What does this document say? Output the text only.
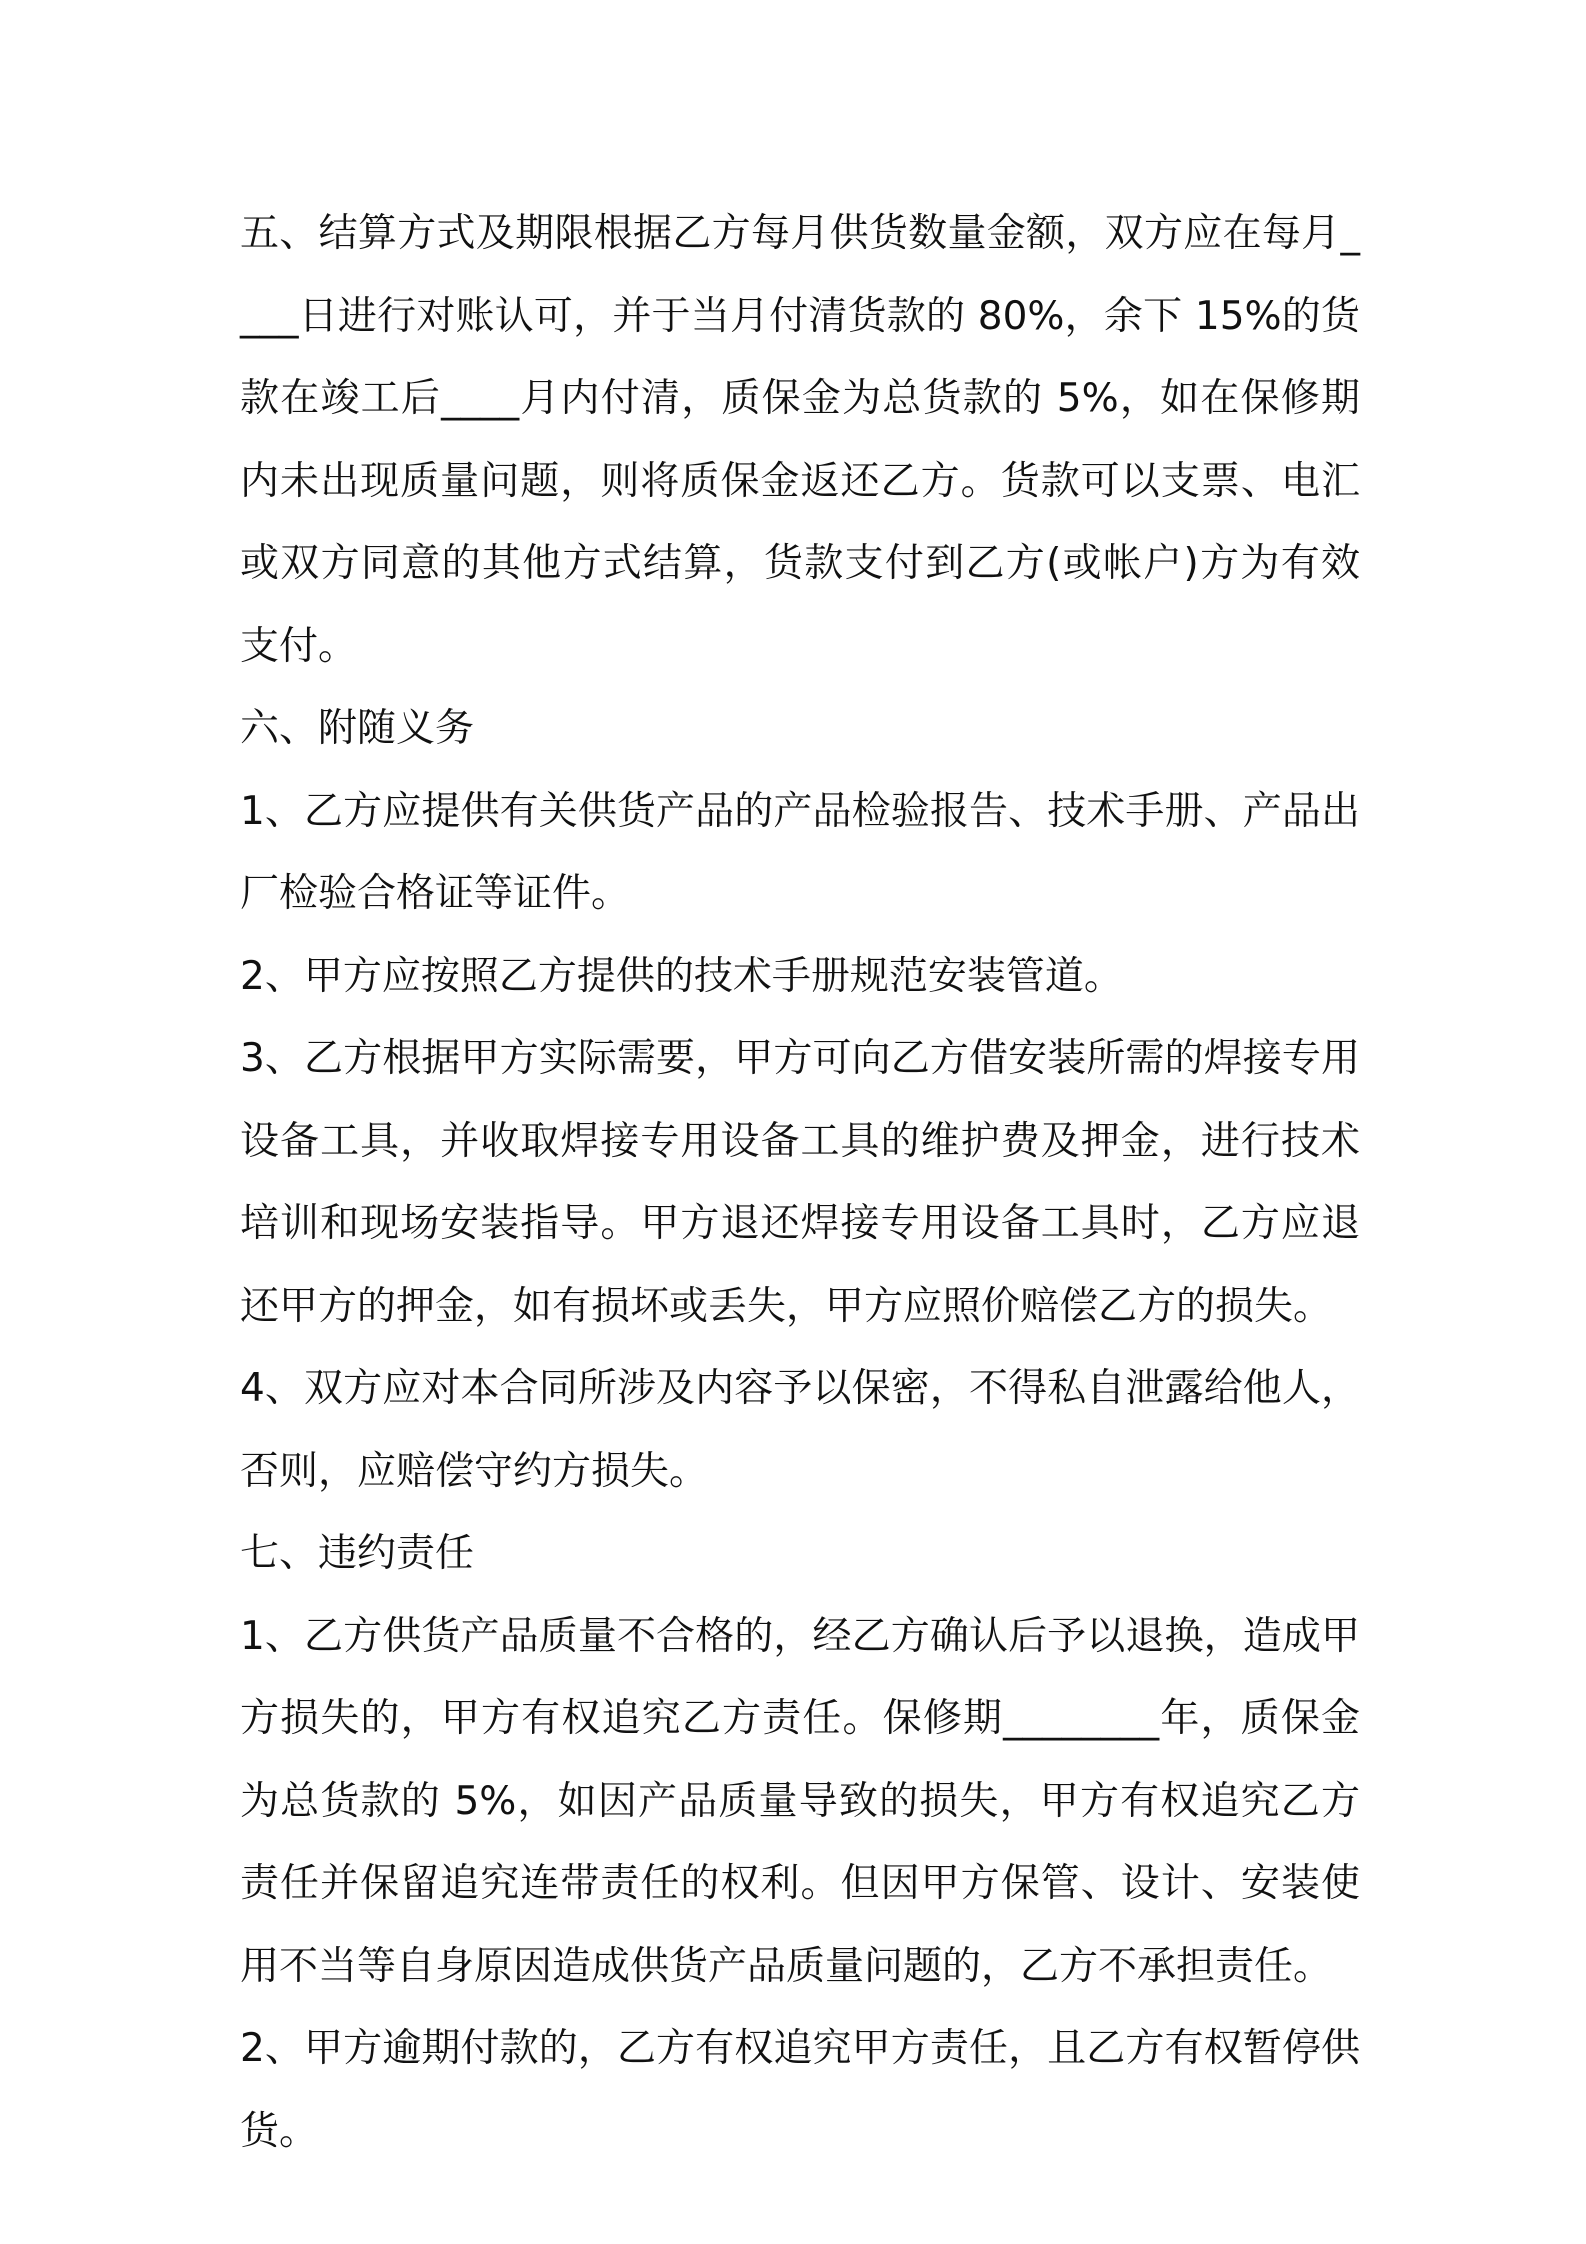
五、结算方式及期限根据乙方每月供货数量金额，双方应在每月____日进行对账认可，并于当月付清货款的 80%，余下 15%的货款在竣工后____月内付清，质保金为总货款的 5%，如在保修期内未出现质量问题，则将质保金返还乙方。货款可以支票、电汇或双方同意的其他方式结算，货款支付到乙方(或帐户)方为有效支付。

六、附随义务

1、乙方应提供有关供货产品的产品检验报告、技术手册、产品出厂检验合格证等证件。

2、甲方应按照乙方提供的技术手册规范安装管道。

3、乙方根据甲方实际需要，甲方可向乙方借安装所需的焊接专用设备工具，并收取焊接专用设备工具的维护费及押金，进行技术培训和现场安装指导。甲方退还焊接专用设备工具时，乙方应退还甲方的押金，如有损坏或丢失，甲方应照价赔偿乙方的损失。

4、双方应对本合同所涉及内容予以保密，不得私自泄露给他人，否则，应赔偿守约方损失。

七、违约责任

1、乙方供货产品质量不合格的，经乙方确认后予以退换，造成甲方损失的，甲方有权追究乙方责任。保修期________年，质保金为总货款的 5%，如因产品质量导致的损失，甲方有权追究乙方责任并保留追究连带责任的权利。但因甲方保管、设计、安装使用不当等自身原因造成供货产品质量问题的，乙方不承担责任。

2、甲方逾期付款的，乙方有权追究甲方责任，且乙方有权暂停供货。
